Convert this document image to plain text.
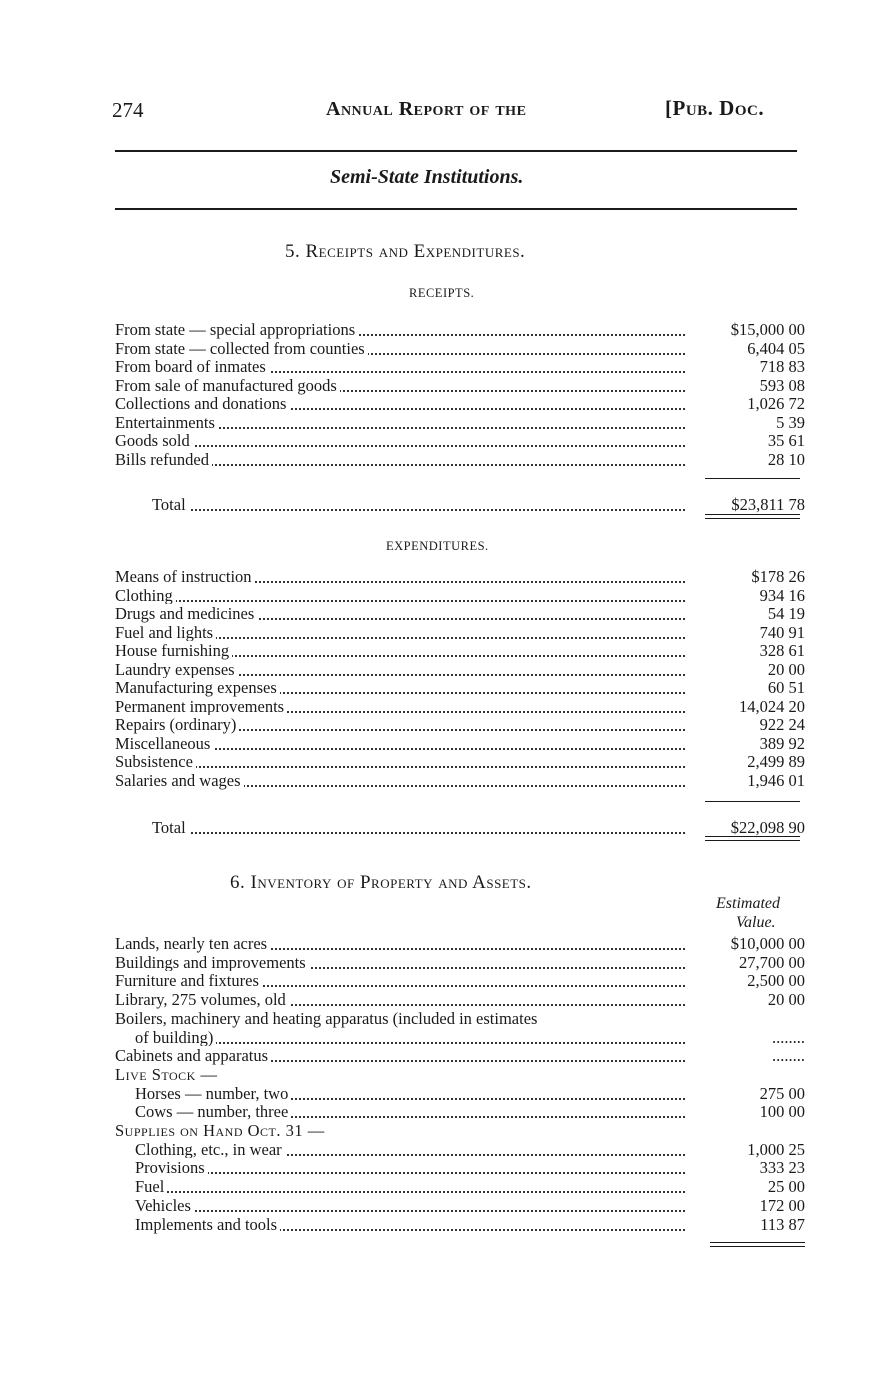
274	Annual Report of the	[Pub. Doc.
Semi-State Institutions.
5. Receipts and Expenditures.
RECEIPTS.
From state — special appropriations	$15,000 00
From state — collected from counties	6,404 05
From board of inmates	718 83
From sale of manufactured goods	593 08
Collections and donations	1,026 72
Entertainments	5 39
Goods sold	35 61
Bills refunded	28 10
Total	$23,811 78
EXPENDITURES.
Means of instruction	$178 26
Clothing	934 16
Drugs and medicines	54 19
Fuel and lights	740 91
House furnishing	328 61
Laundry expenses	20 00
Manufacturing expenses	60 51
Permanent improvements	14,024 20
Repairs (ordinary)	922 24
Miscellaneous	389 92
Subsistence	2,499 89
Salaries and wages	1,946 01
Total	$22,098 90
6. Inventory of Property and Assets.
Estimated
Value.
Lands, nearly ten acres	$10,000 00
Buildings and improvements	27,700 00
Furniture and fixtures	2,500 00
Library, 275 volumes, old	20 00
Boilers, machinery and heating apparatus (included in estimates
of building)	........
Cabinets and apparatus	........
Live Stock —
Horses — number, two	275 00
Cows — number, three	100 00
Supplies on Hand Oct. 31 —
Clothing, etc., in wear	1,000 25
Provisions	333 23
Fuel	25 00
Vehicles	172 00
Implements and tools	113 87
